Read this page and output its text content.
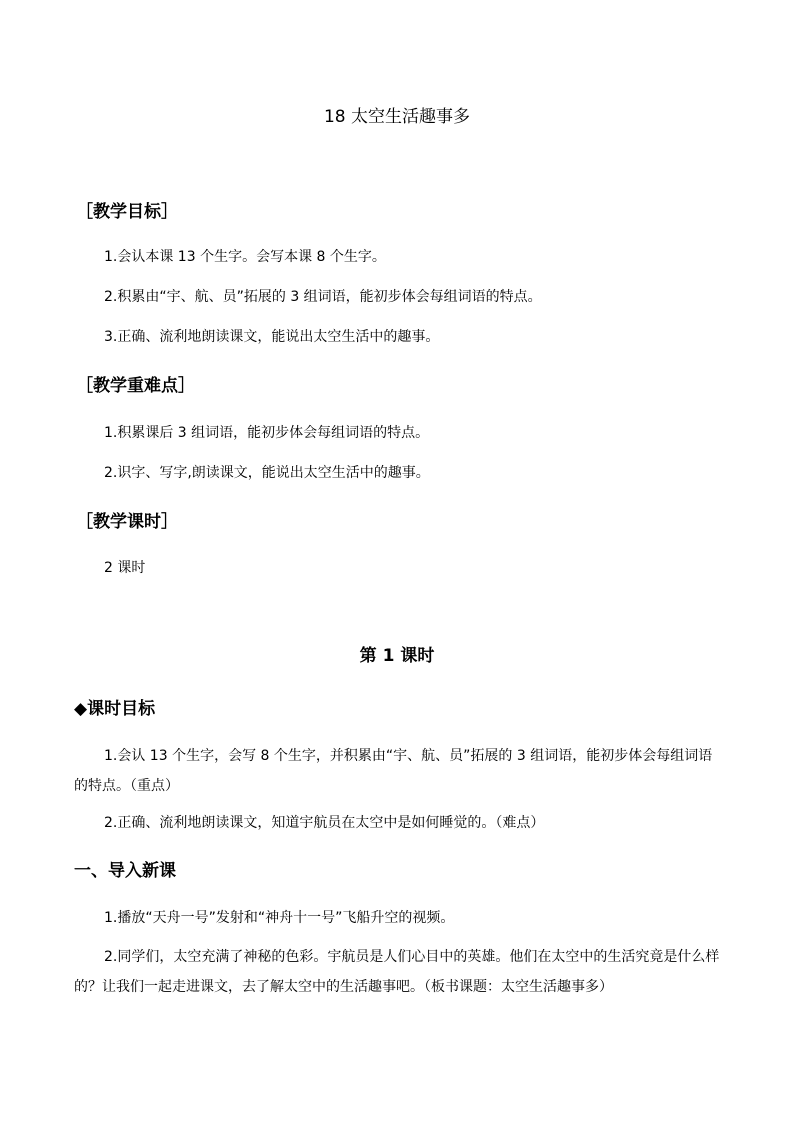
18 太空生活趣事多
［教学目标］
1.会认本课 13 个生字。会写本课 8 个生字。
2.积累由“宇、航、员”拓展的 3 组词语，能初步体会每组词语的特点。
3.正确、流利地朗读课文，能说出太空生活中的趣事。
［教学重难点］
1.积累课后 3 组词语，能初步体会每组词语的特点。
2.识字、写字,朗读课文，能说出太空生活中的趣事。
［教学课时］
2 课时
第 1 课时
◆课时目标
1.会认 13 个生字，会写 8 个生字，并积累由“宇、航、员”拓展的 3 组词语，能初步体会每组词语的特点。（重点）
2.正确、流利地朗读课文，知道宇航员在太空中是如何睡觉的。（难点）
一、导入新课
1.播放“天舟一号”发射和“神舟十一号”飞船升空的视频。
2.同学们，太空充满了神秘的色彩。宇航员是人们心目中的英雄。他们在太空中的生活究竟是什么样的？让我们一起走进课文，去了解太空中的生活趣事吧。（板书课题：太空生活趣事多）
